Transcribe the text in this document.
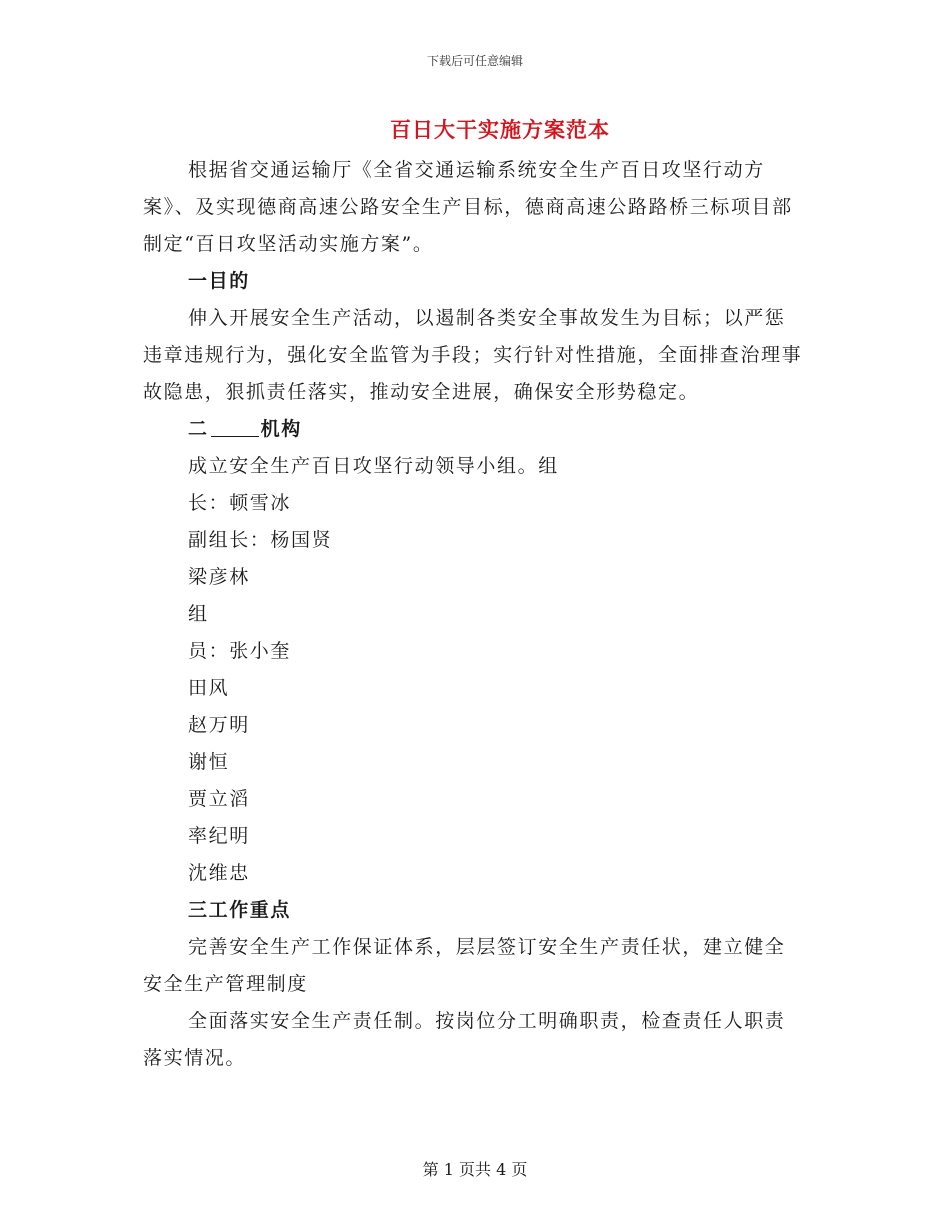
下载后可任意编辑
百日大干实施方案范本

根据省交通运输厅《全省交通运输系统安全生产百日攻坚行动方案》、及实现德商高速公路安全生产目标，德商高速公路路桥三标项目部制定“百日攻坚活动实施方案”。

一目的

伸入开展安全生产活动，以遏制各类安全事故发生为目标；以严惩违章违规行为，强化安全监管为手段；实行针对性措施，全面排查治理事故隐患，狠抓责任落实，推动安全进展，确保安全形势稳定。

二	机构

成立安全生产百日攻坚行动领导小组。组

长：顿雪冰

副组长：杨国贤

梁彦林

组

员：张小奎

田风

赵万明

谢恒

贾立滔

率纪明

沈维忠

三工作重点

完善安全生产工作保证体系，层层签订安全生产责任状，建立健全安全生产管理制度

全面落实安全生产责任制。按岗位分工明确职责，检查责任人职责落实情况。

第 1 页共 4 页
